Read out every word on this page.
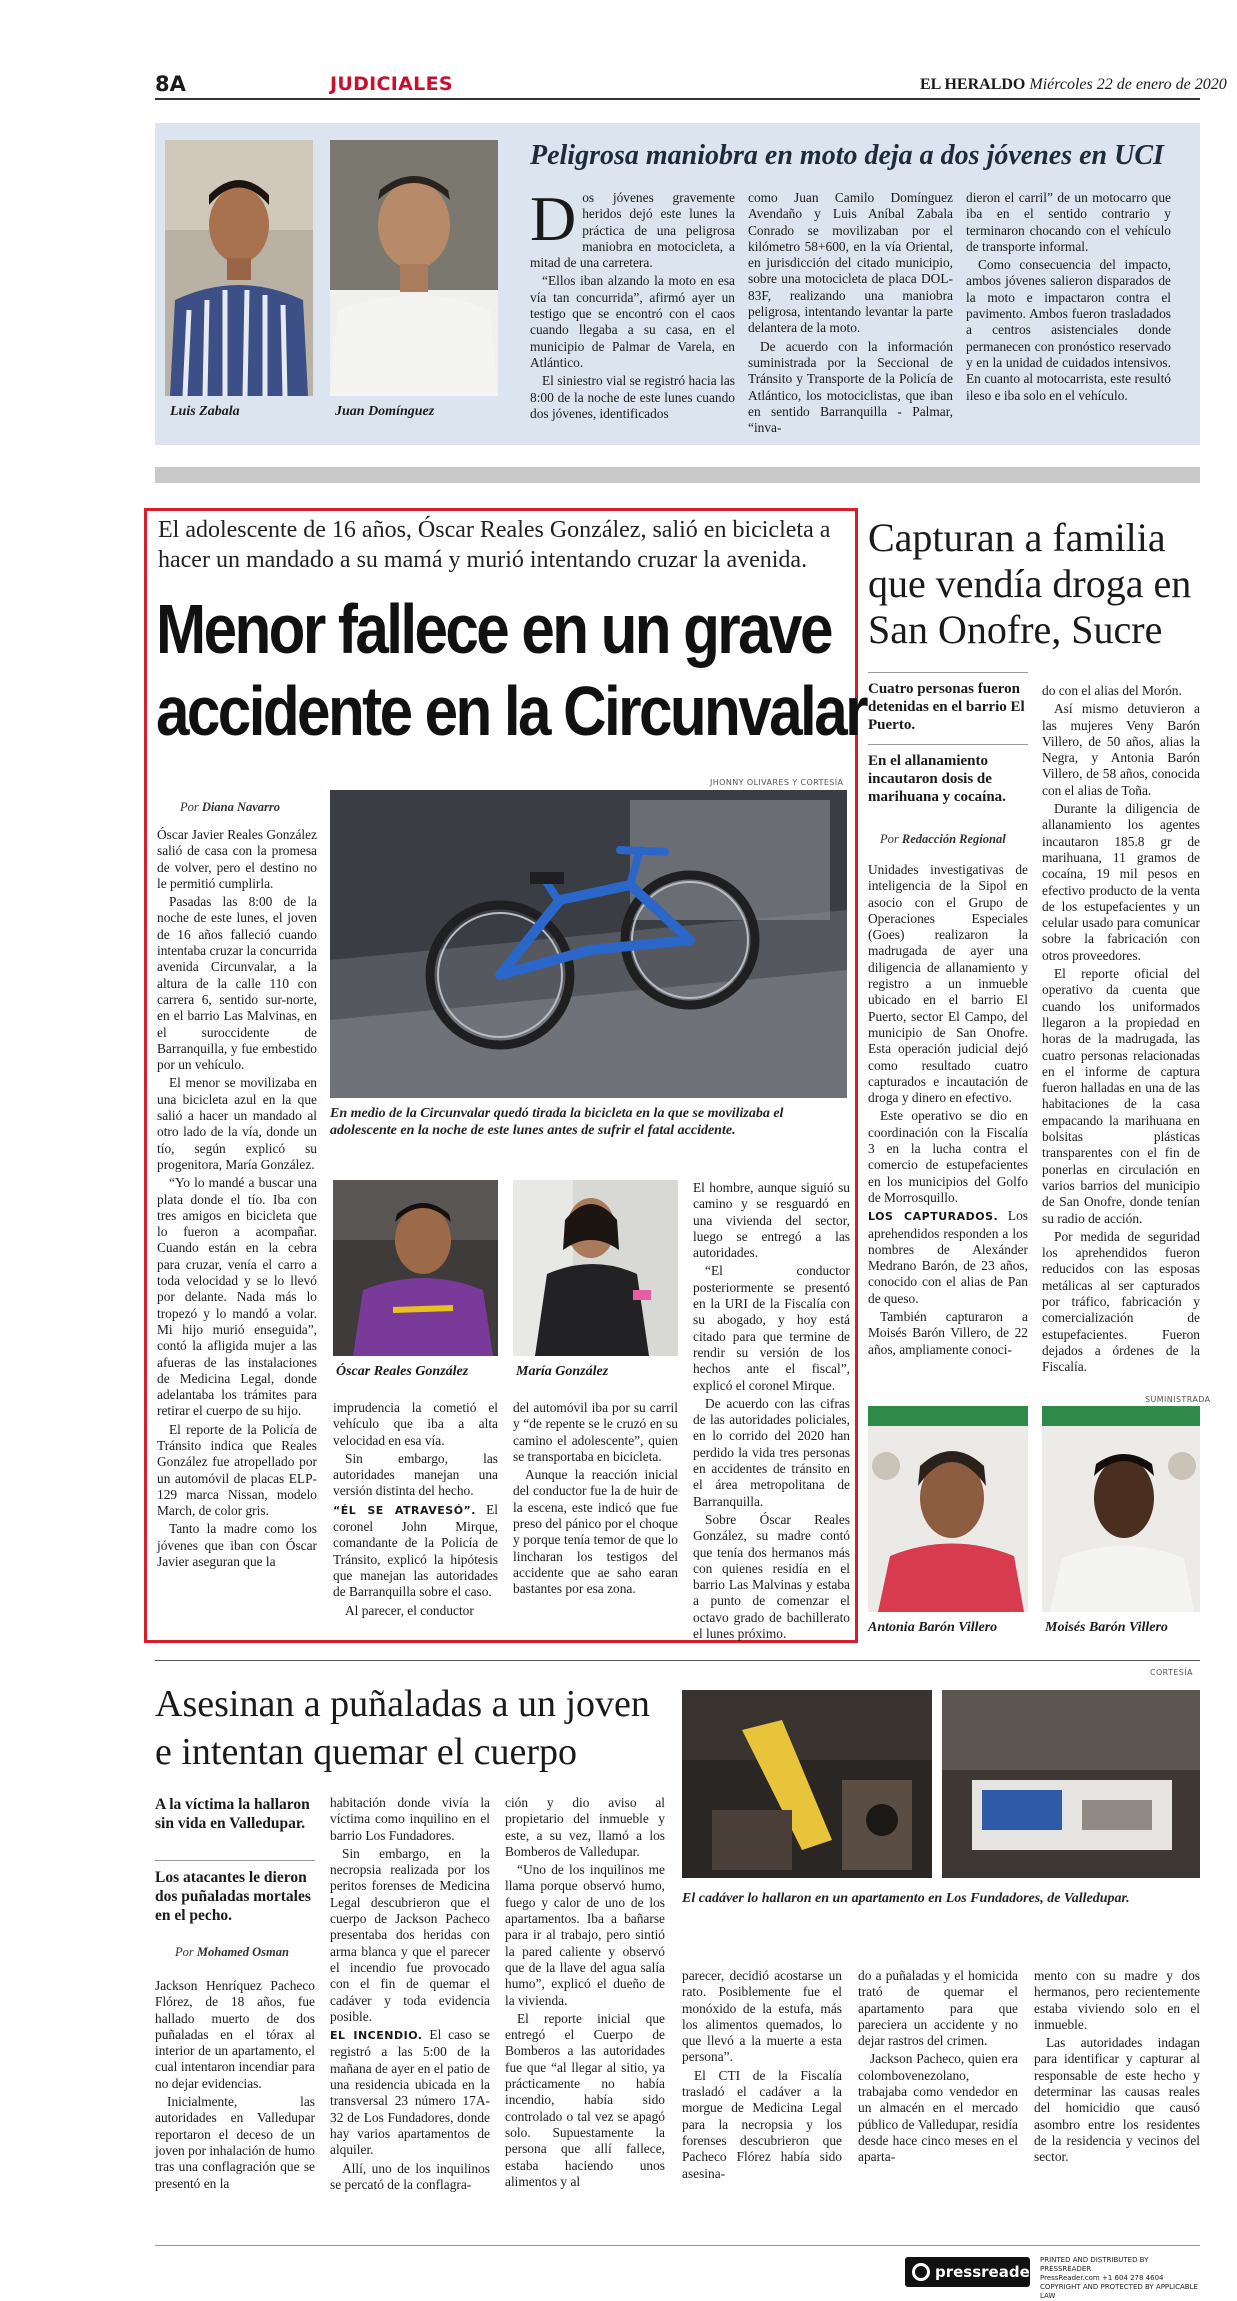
8A	JUDICIALES	EL HERALDO Miércoles 22 de enero de 2020
Peligrosa maniobra en moto deja a dos jóvenes en UCI
Luis Zabala	Juan Domínguez

Dos jóvenes gravemente heridos dejó este lunes la práctica de una peligrosa maniobra en motocicleta, a mitad de una carretera.

“Ellos iban alzando la moto en esa vía tan concurrida”, afirmó ayer un testigo que se encontró con el caos cuando llegaba a su casa, en el municipio de Palmar de Varela, en Atlántico.

El siniestro vial se registró hacia las 8:00 de la noche de este lunes cuando dos jóvenes, identificados

como Juan Camilo Domínguez Avendaño y Luis Aníbal Zabala Conrado se movilizaban por el kilómetro 58+600, en la vía Oriental, en jurisdicción del citado municipio, sobre una motocicleta de placa DOL-83F, realizando una maniobra peligrosa, intentando levantar la parte delantera de la moto.

De acuerdo con la información suministrada por la Seccional de Tránsito y Transporte de la Policía de Atlántico, los motociclistas, que iban en sentido Barranquilla - Palmar, “inva-

dieron el carril” de un motocarro que iba en el sentido contrario y terminaron chocando con el vehículo de transporte informal.

Como consecuencia del impacto, ambos jóvenes salieron disparados de la moto e impactaron contra el pavimento. Ambos fueron trasladados a centros asistenciales donde permanecen con pronóstico reservado y en la unidad de cuidados intensivos. En cuanto al motocarrista, este resultó ileso e iba solo en el vehículo.

El adolescente de 16 años, Óscar Reales González, salió en bicicleta a hacer un mandado a su mamá y murió intentando cruzar la avenida.
Menor fallece en un grave
accidente en la Circunvalar
JHONNY OLIVARES Y CORTESÍA
Por Diana Navarro

Óscar Javier Reales González salió de casa con la promesa de volver, pero el destino no le permitió cumplirla.

Pasadas las 8:00 de la noche de este lunes, el joven de 16 años falleció cuando intentaba cruzar la concurrida avenida Circunvalar, a la altura de la calle 110 con carrera 6, sentido sur-norte, en el barrio Las Malvinas, en el suroccidente de Barranquilla, y fue embestido por un vehículo.

El menor se movilizaba en una bicicleta azul en la que salió a hacer un mandado al otro lado de la vía, donde un tío, según explicó su progenitora, María González.

“Yo lo mandé a buscar una plata donde el tío. Iba con tres amigos en bicicleta que lo fueron a acompañar. Cuando están en la cebra para cruzar, venía el carro a toda velocidad y se lo llevó por delante. Nada más lo tropezó y lo mandó a volar. Mi hijo murió enseguida”, contó la afligida mujer a las afueras de las instalaciones de Medicina Legal, donde adelantaba los trámites para retirar el cuerpo de su hijo.

El reporte de la Policía de Tránsito indica que Reales González fue atropellado por un automóvil de placas ELP-129 marca Nissan, modelo March, de color gris.

Tanto la madre como los jóvenes que iban con Óscar Javier aseguran que la

En medio de la Circunvalar quedó tirada la bicicleta en la que se movilizaba el adolescente en la noche de este lunes antes de sufrir el fatal accidente.
Óscar Reales González	María González

imprudencia la cometió el vehículo que iba a alta velocidad en esa vía.

Sin embargo, las autoridades manejan una versión distinta del hecho.

“ÉL SE ATRAVESÓ”. El coronel John Mirque, comandante de la Policía de Tránsito, explicó la hipótesis que manejan las autoridades de Barranquilla sobre el caso.

Al parecer, el conductor

del automóvil iba por su carril y “de repente se le cruzó en su camino el adolescente”, quien se transportaba en bicicleta.

Aunque la reacción inicial del conductor fue la de huir de la escena, este indicó que fue preso del pánico por el choque y porque tenía temor de que lo lincharan los testigos del accidente que ae saho earan bastantes por esa zona.

El hombre, aunque siguió su camino y se resguardó en una vivienda del sector, luego se entregó a las autoridades.

“El conductor posteriormente se presentó en la URI de la Fiscalía con su abogado, y hoy está citado para que termine de rendir su versión de los hechos ante el fiscal”, explicó el coronel Mirque.

De acuerdo con las cifras de las autoridades policiales, en lo corrido del 2020 han perdido la vida tres personas en accidentes de tránsito en el área metropolitana de Barranquilla.

Sobre Óscar Reales González, su madre contó que tenía dos hermanos más con quienes residía en el barrio Las Malvinas y estaba a punto de comenzar el octavo grado de bachillerato el lunes próximo.

Capturan a familia
que vendía droga en
San Onofre, Sucre
Cuatro personas fueron detenidas en el barrio El Puerto.
En el allanamiento incautaron dosis de marihuana y cocaína.
Por Redacción Regional

Unidades investigativas de inteligencia de la Sipol en asocio con el Grupo de Operaciones Especiales (Goes) realizaron la madrugada de ayer una diligencia de allanamiento y registro a un inmueble ubicado en el barrio El Puerto, sector El Campo, del municipio de San Onofre. Esta operación judicial dejó como resultado cuatro capturados e incautación de droga y dinero en efectivo.

Este operativo se dio en coordinación con la Fiscalía 3 en la lucha contra el comercio de estupefacientes en los municipios del Golfo de Morrosquillo.

LOS CAPTURADOS. Los aprehendidos responden a los nombres de Alexánder Medrano Barón, de 23 años, conocido con el alias de Pan de queso.

También capturaron a Moisés Barón Villero, de 22 años, ampliamente conoci-

do con el alias del Morón.

Así mismo detuvieron a las mujeres Veny Barón Villero, de 50 años, alias la Negra, y Antonia Barón Villero, de 58 años, conocida con el alias de Toña.

Durante la diligencia de allanamiento los agentes incautaron 185.8 gr de marihuana, 11 gramos de cocaína, 19 mil pesos en efectivo producto de la venta de los estupefacientes y un celular usado para comunicar sobre la fabricación con otros proveedores.

El reporte oficial del operativo da cuenta que cuando los uniformados llegaron a la propiedad en horas de la madrugada, las cuatro personas relacionadas en el informe de captura fueron halladas en una de las habitaciones de la casa empacando la marihuana en bolsitas plásticas transparentes con el fin de ponerlas en circulación en varios barrios del municipio de San Onofre, donde tenían su radio de acción.

Por medida de seguridad los aprehendidos fueron reducidos con las esposas metálicas al ser capturados por tráfico, fabricación y comercialización de estupefacientes. Fueron dejados a órdenes de la Fiscalía.

SUMINISTRADA
Antonia Barón Villero	Moisés Barón Villero
Asesinan a puñaladas a un joven
e intentan quemar el cuerpo
CORTESÍA
A la víctima la hallaron sin vida en Valledupar.
Los atacantes le dieron dos puñaladas mortales en el pecho.
Por Mohamed Osman

Jackson Henríquez Pacheco Flórez, de 18 años, fue hallado muerto de dos puñaladas en el tórax al interior de un apartamento, el cual intentaron incendiar para no dejar evidencias.

Inicialmente, las autoridades en Valledupar reportaron el deceso de un joven por inhalación de humo tras una conflagración que se presentó en la

habitación donde vivía la víctima como inquilino en el barrio Los Fundadores.

Sin embargo, en la necropsia realizada por los peritos forenses de Medicina Legal descubrieron que el cuerpo de Jackson Pacheco presentaba dos heridas con arma blanca y que el parecer el incendio fue provocado con el fin de quemar el cadáver y toda evidencia posible.

EL INCENDIO. El caso se registró a las 5:00 de la mañana de ayer en el patio de una residencia ubicada en la transversal 23 número 17A-32 de Los Fundadores, donde hay varios apartamentos de alquiler.

Allí, uno de los inquilinos se percató de la conflagra-

ción y dio aviso al propietario del inmueble y este, a su vez, llamó a los Bomberos de Valledupar.

“Uno de los inquilinos me llama porque observó humo, fuego y calor de uno de los apartamentos. Iba a bañarse para ir al trabajo, pero sintió la pared caliente y observó que de la llave del agua salía humo”, explicó el dueño de la vivienda.

El reporte inicial que entregó el Cuerpo de Bomberos a las autoridades fue que “al llegar al sitio, ya prácticamente no había incendio, había sido controlado o tal vez se apagó solo. Supuestamente la persona que allí fallece, estaba haciendo unos alimentos y al

El cadáver lo hallaron en un apartamento en Los Fundadores, de Valledupar.

parecer, decidió acostarse un rato. Posiblemente fue el monóxido de la estufa, más los alimentos quemados, lo que llevó a la muerte a esta persona”.

El CTI de la Fiscalía trasladó el cadáver a la morgue de Medicina Legal para la necropsia y los forenses descubrieron que Pacheco Flórez había sido asesina-

do a puñaladas y el homicida trató de quemar el apartamento para que pareciera un accidente y no dejar rastros del crimen.

Jackson Pacheco, quien era colombovenezolano, trabajaba como vendedor en un almacén en el mercado público de Valledupar, residía desde hace cinco meses en el aparta-

mento con su madre y dos hermanos, pero recientemente estaba viviendo solo en el inmueble.

Las autoridades indagan para identificar y capturar al responsable de este hecho y determinar las causas reales del homicidio que causó asombro entre los residentes de la residencia y vecinos del sector.

pressreader
PRINTED AND DISTRIBUTED BY PRESSREADER
PressReader.com +1 604 278 4604
COPYRIGHT AND PROTECTED BY APPLICABLE LAW
